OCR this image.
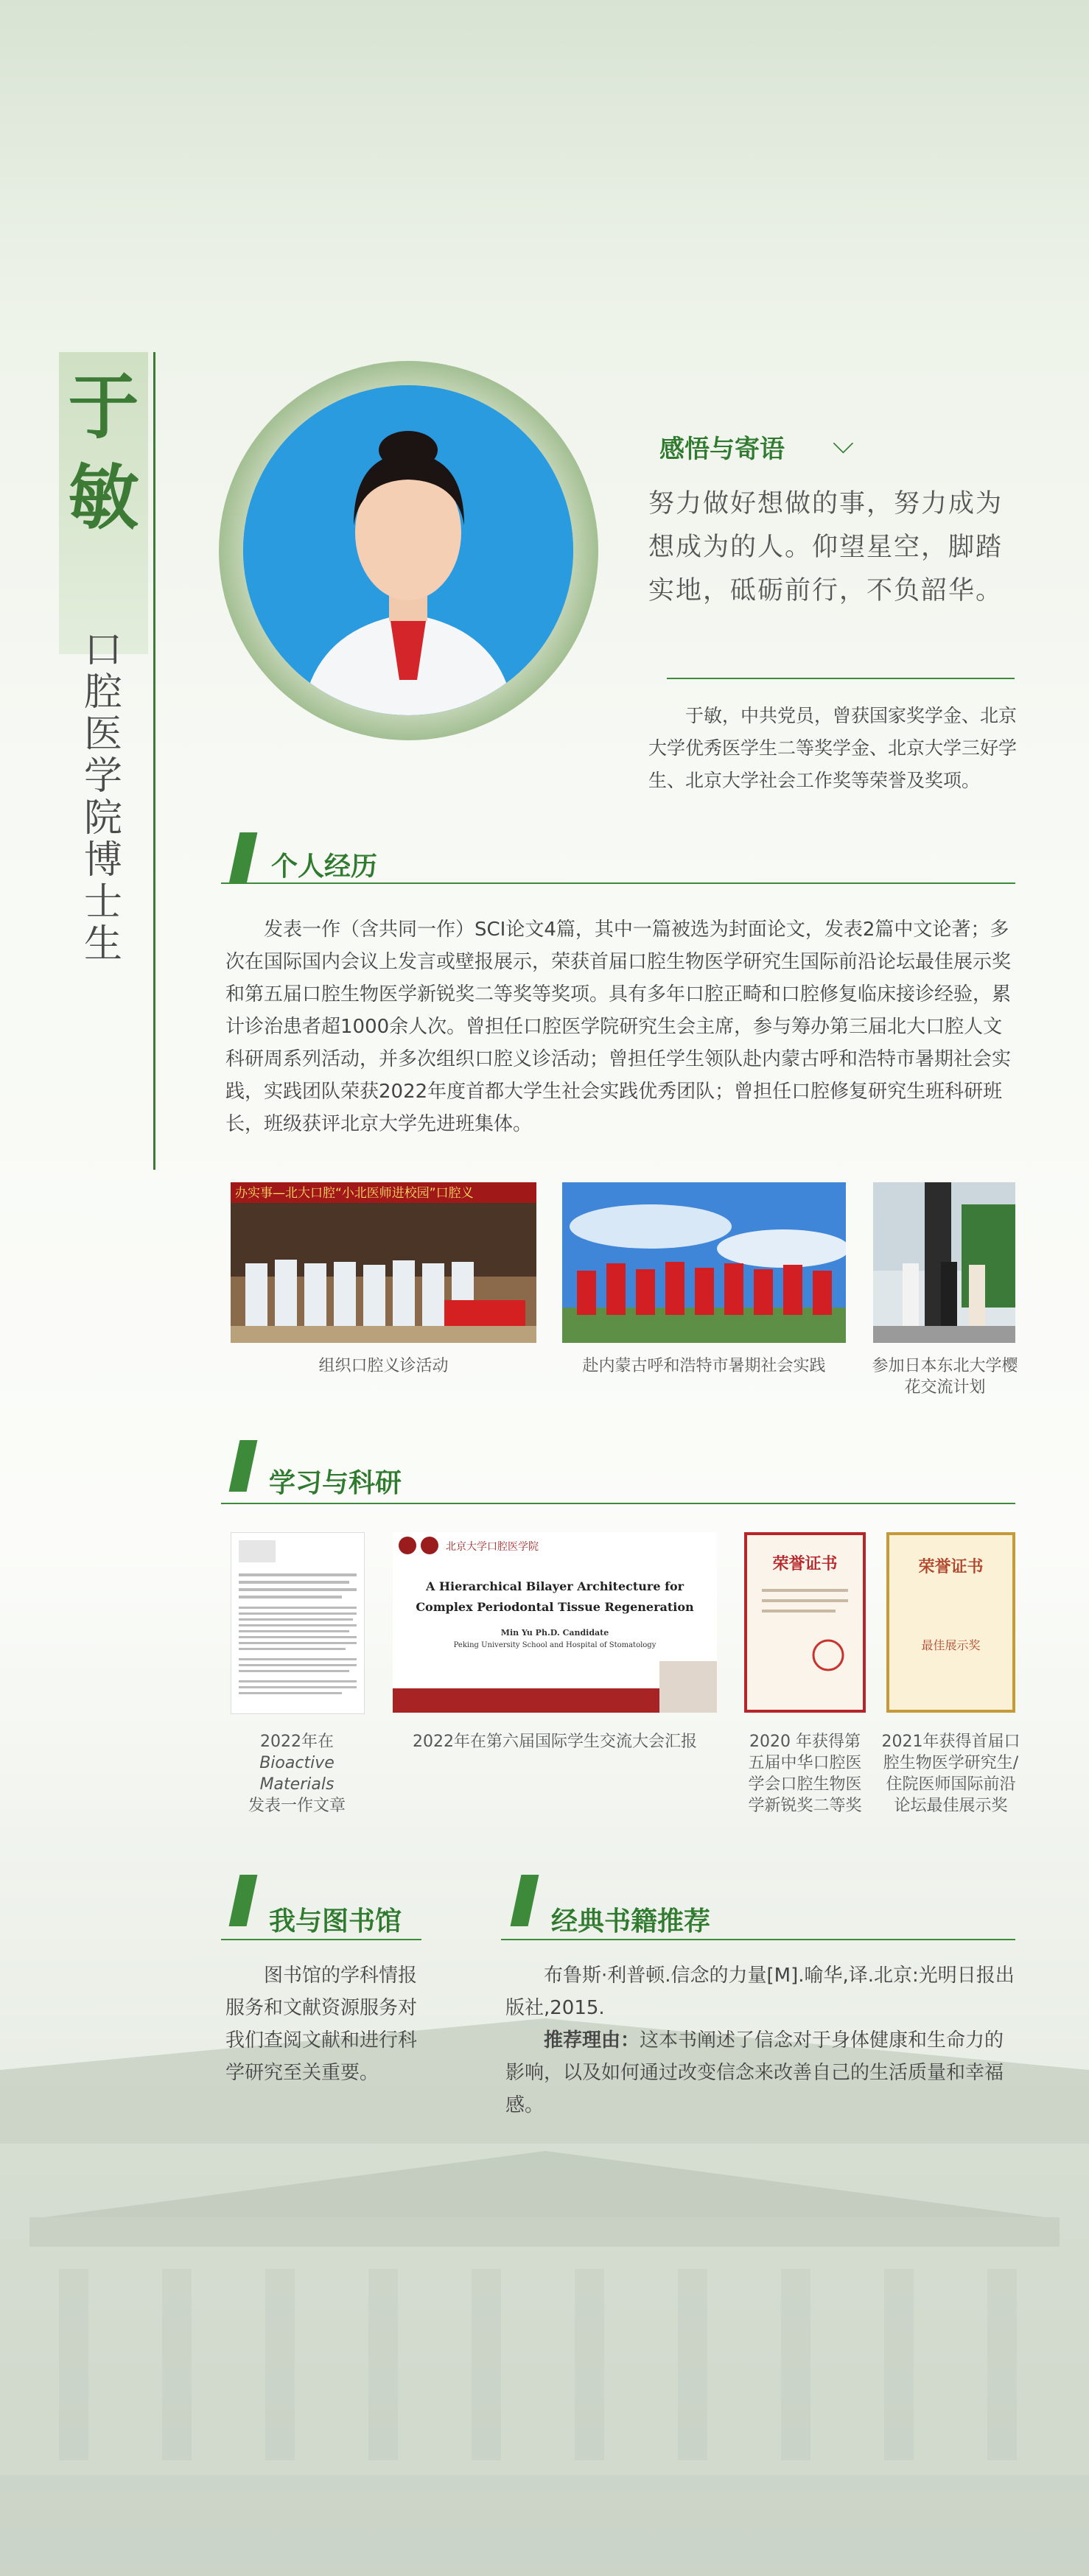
于
敏
口
腔
医
学
院
博
士
生
感悟与寄语 ⌵
努力做好想做的事，努力成为想成为的人。仰望星空，脚踏实地，砥砺前行，不负韶华。
于敏，中共党员，曾获国家奖学金、北京大学优秀医学生二等奖学金、北京大学三好学生、北京大学社会工作奖等荣誉及奖项。
个人经历
发表一作（含共同一作）SCI论文4篇，其中一篇被选为封面论文，发表2篇中文论著；多次在国际国内会议上发言或壁报展示，荣获首届口腔生物医学研究生国际前沿论坛最佳展示奖和第五届口腔生物医学新锐奖二等奖等奖项。具有多年口腔正畸和口腔修复临床接诊经验，累计诊治患者超1000余人次。曾担任口腔医学院研究生会主席，参与筹办第三届北大口腔人文科研周系列活动，并多次组织口腔义诊活动；曾担任学生领队赴内蒙古呼和浩特市暑期社会实践，实践团队荣获2022年度首都大学生社会实践优秀团队；曾担任口腔修复研究生班科研班长，班级获评北京大学先进班集体。
办实事—北大口腔“小北医师进校园”口腔义
组织口腔义诊活动	赴内蒙古呼和浩特市暑期社会实践	参加日本东北大学樱花交流计划
学习与科研
北京大学口腔医学院
A Hierarchical Bilayer Architecture for Complex Periodontal Tissue Regeneration
Min Yu Ph.D. Candidate
Peking University School and Hospital of Stomatology
荣誉证书	荣誉证书
最佳展示奖
2022年在
Bioactive Materials
发表一作文章
2022年在第六届国际学生交流大会汇报	2020 年获得第五届中华口腔医学会口腔生物医学新锐奖二等奖
2021年获得首届口腔生物医学研究生/住院医师国际前沿论坛最佳展示奖
我与图书馆
图书馆的学科情报服务和文献资源服务对我们查阅文献和进行科学研究至关重要。
经典书籍推荐
布鲁斯·利普顿.信念的力量[M].喻华,译.北京:光明日报出版社,2015.
推荐理由：这本书阐述了信念对于身体健康和生命力的影响，以及如何通过改变信念来改善自己的生活质量和幸福感。
